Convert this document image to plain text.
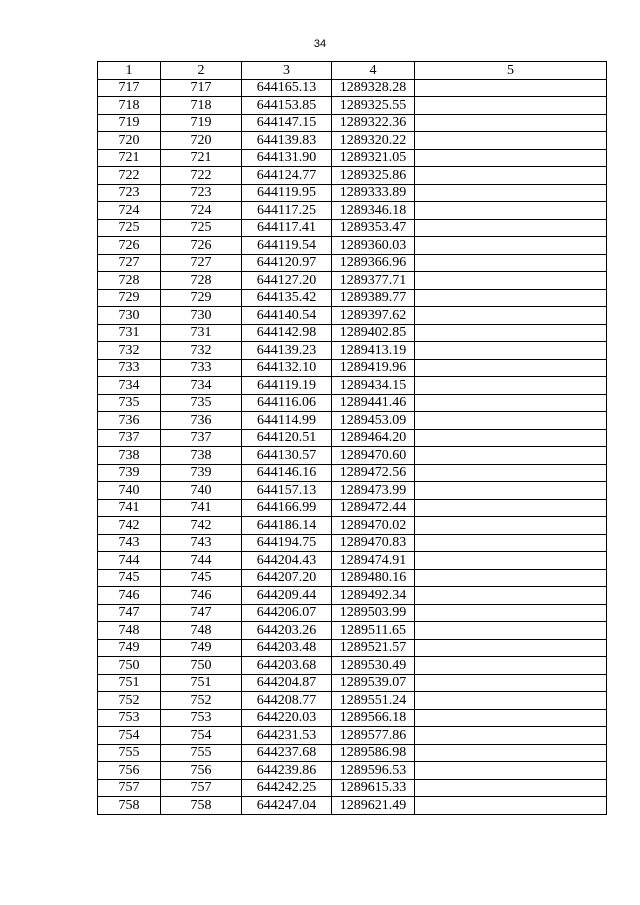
34
1	2	3	4	5
717	717	644165.13	1289328.28	
718	718	644153.85	1289325.55	
719	719	644147.15	1289322.36	
720	720	644139.83	1289320.22	
721	721	644131.90	1289321.05	
722	722	644124.77	1289325.86	
723	723	644119.95	1289333.89	
724	724	644117.25	1289346.18	
725	725	644117.41	1289353.47	
726	726	644119.54	1289360.03	
727	727	644120.97	1289366.96	
728	728	644127.20	1289377.71	
729	729	644135.42	1289389.77	
730	730	644140.54	1289397.62	
731	731	644142.98	1289402.85	
732	732	644139.23	1289413.19	
733	733	644132.10	1289419.96	
734	734	644119.19	1289434.15	
735	735	644116.06	1289441.46	
736	736	644114.99	1289453.09	
737	737	644120.51	1289464.20	
738	738	644130.57	1289470.60	
739	739	644146.16	1289472.56	
740	740	644157.13	1289473.99	
741	741	644166.99	1289472.44	
742	742	644186.14	1289470.02	
743	743	644194.75	1289470.83	
744	744	644204.43	1289474.91	
745	745	644207.20	1289480.16	
746	746	644209.44	1289492.34	
747	747	644206.07	1289503.99	
748	748	644203.26	1289511.65	
749	749	644203.48	1289521.57	
750	750	644203.68	1289530.49	
751	751	644204.87	1289539.07	
752	752	644208.77	1289551.24	
753	753	644220.03	1289566.18	
754	754	644231.53	1289577.86	
755	755	644237.68	1289586.98	
756	756	644239.86	1289596.53	
757	757	644242.25	1289615.33	
758	758	644247.04	1289621.49	
